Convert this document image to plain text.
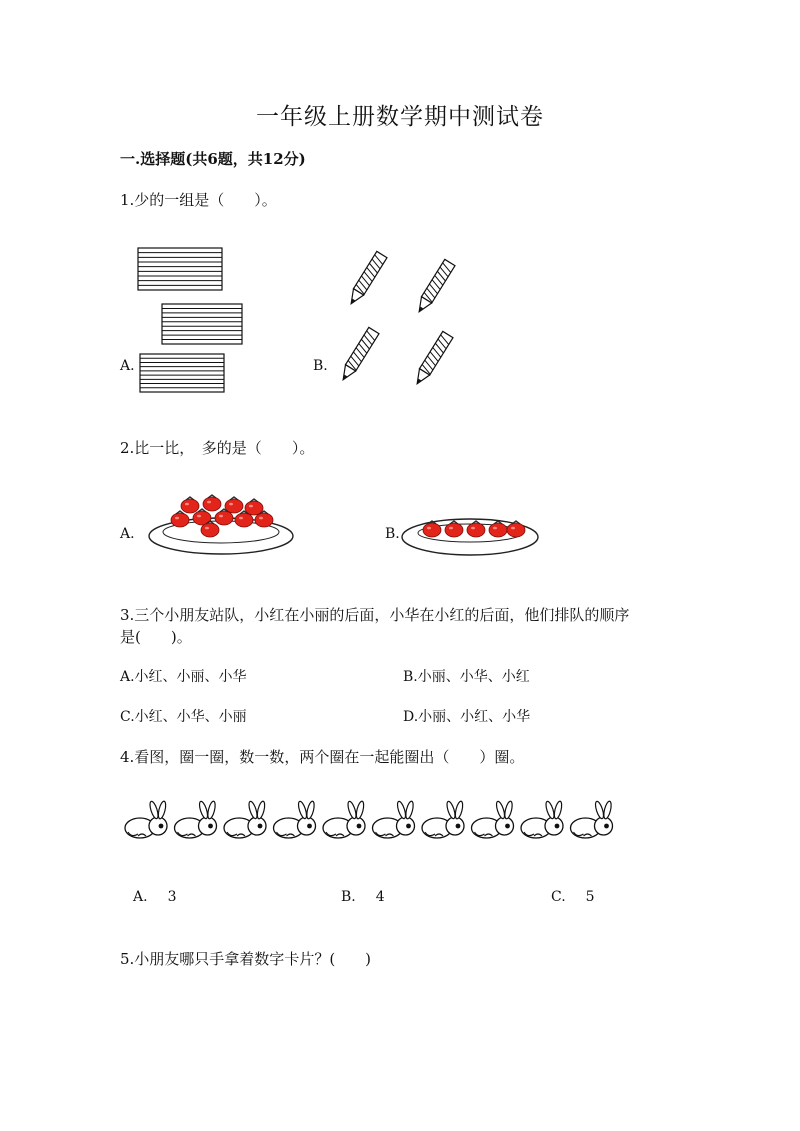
一年级上册数学期中测试卷
一.选择题(共6题，共12分)
1.少的一组是（　　）。
A.	B.
2.比一比，　多的是（　　）。
A.	B.
3.三个小朋友站队，小红在小丽的后面，小华在小红的后面，他们排队的顺序
是(　　)。
A.小红、小丽、小华	B.小丽、小华、小红
C.小红、小华、小丽	D.小丽、小红、小华
4.看图，圈一圈，数一数，两个圈在一起能圈出（　　）圈。
A. 3	B. 4	C. 5
5.小朋友哪只手拿着数字卡片？(　　)
